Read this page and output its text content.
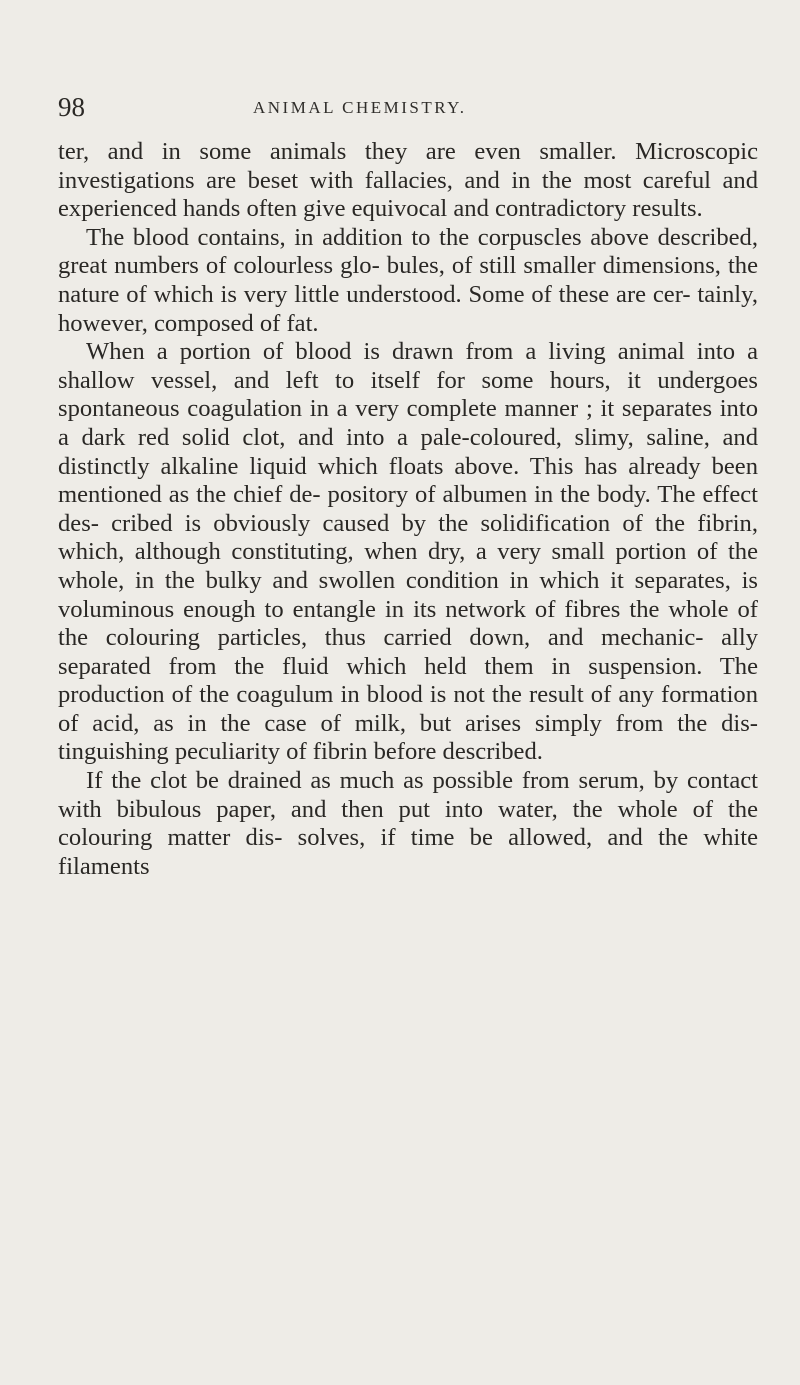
98	ANIMAL CHEMISTRY.

ter, and in some animals they are even smaller. Microscopic investigations are beset with fallacies, and in the most careful and experienced hands often give equivocal and contradictory results.

The blood contains, in addition to the corpuscles above described, great numbers of colourless glo- bules, of still smaller dimensions, the nature of which is very little understood. Some of these are cer- tainly, however, composed of fat.

When a portion of blood is drawn from a living animal into a shallow vessel, and left to itself for some hours, it undergoes spontaneous coagulation in a very complete manner ; it separates into a dark red solid clot, and into a pale-coloured, slimy, saline, and distinctly alkaline liquid which floats above. This has already been mentioned as the chief de- pository of albumen in the body. The effect des- cribed is obviously caused by the solidification of the fibrin, which, although constituting, when dry, a very small portion of the whole, in the bulky and swollen condition in which it separates, is voluminous enough to entangle in its network of fibres the whole of the colouring particles, thus carried down, and mechanic- ally separated from the fluid which held them in suspension. The production of the coagulum in blood is not the result of any formation of acid, as in the case of milk, but arises simply from the dis- tinguishing peculiarity of fibrin before described.

If the clot be drained as much as possible from serum, by contact with bibulous paper, and then put into water, the whole of the colouring matter dis- solves, if time be allowed, and the white filaments
